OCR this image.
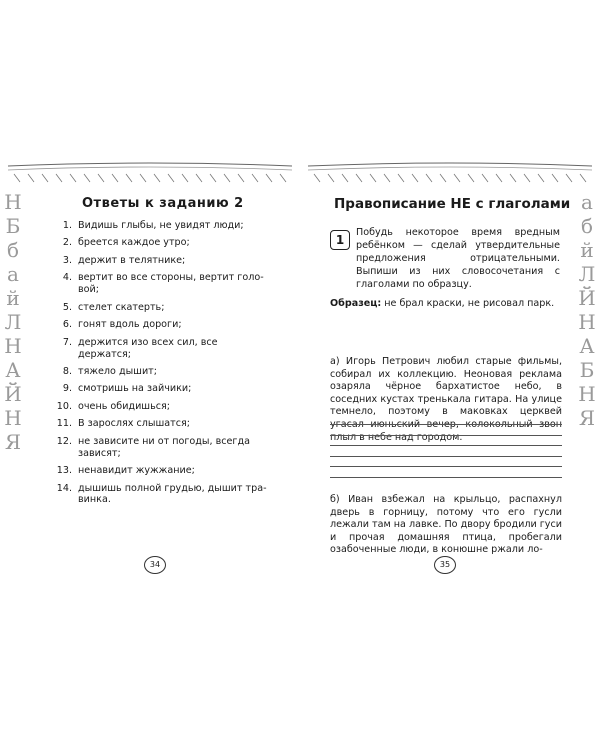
Н
Б
б
а
й
Л
Н
А
Й
Н
Я
а
б
й
Л
Й
Н
А
Б
Н
Я
Ответы к заданию 2
1. Видишь глыбы, не увидят люди;
2. бреется каждое утро;
3. держит в телятнике;
4. вертит во все стороны, вертит голо-вой;
5. стелет скатерть;
6. гонят вдоль дороги;
7. держится изо всех сил, все держатся;
8. тяжело дышит;
9. смотришь на зайчики;
10. очень обидишься;
11. В зарослях слышатся;
12. не зависите ни от погоды, всегда зависят;
13. ненавидит жужжание;
14. дышишь полной грудью, дышит тра-винка.
34
Правописание НЕ с глаголами
1
Побудь некоторое время вредным ребёнком — сделай утвердительные предложения отрицательными. Выпиши из них словосочетания с глаголами по образцу.
Образец: не брал краски, не рисовал парк.
а) Игорь Петрович любил старые фильмы, собирал их коллекцию. Неоновая реклама озаряла чёрное бархатистое небо, в соседних кустах тренькала гитара. На улице темнело, поэтому в маковках церквей угасал июньский вечер, колокольный звон плыл в небе над городом.
б) Иван взбежал на крыльцо, распахнул дверь в горницу, потому что его гусли лежали там на лавке. По двору бродили гуси и прочая домашняя птица, пробегали озабоченные люди, в конюшне ржали ло-
35
